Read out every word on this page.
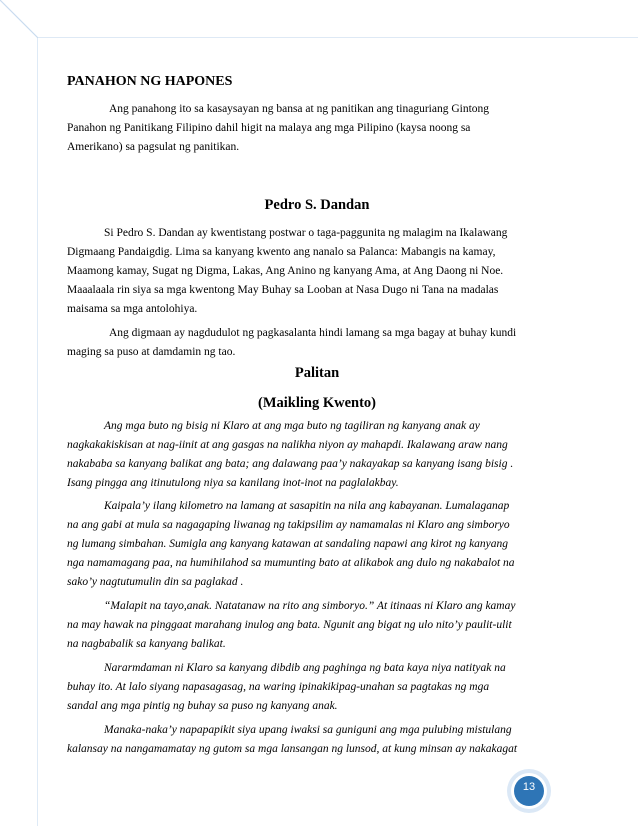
PANAHON NG HAPONES
Ang panahong ito sa kasaysayan ng bansa at ng panitikan ang tinaguriang Gintong
Panahon ng Panitikang Filipino dahil higit na malaya ang mga Pilipino (kaysa noong sa
Amerikano) sa pagsulat ng panitikan.
Pedro S. Dandan
Si Pedro S. Dandan ay kwentistang postwar o taga-paggunita ng malagim na Ikalawang
Digmaang Pandaigdig. Lima sa kanyang kwento ang nanalo sa Palanca: Mabangis na kamay,
Maamong kamay, Sugat ng Digma, Lakas, Ang Anino ng kanyang Ama, at Ang Daong ni Noe.
Maaalaala rin siya sa mga kwentong May Buhay sa Looban at Nasa Dugo ni Tana na madalas
maisama sa mga antolohiya.
Ang digmaan ay nagdudulot ng pagkasalanta hindi lamang sa mga bagay at buhay kundi
maging sa puso at damdamin ng tao.
Palitan
(Maikling Kwento)
Ang mga buto ng bisig ni Klaro at ang mga buto ng tagiliran ng kanyang anak ay
nagkakakiskisan at nag-iinit at ang gasgas na nalikha niyon ay mahapdi. Ikalawang araw nang
nakababa sa kanyang balikat ang bata; ang dalawang paa’y nakayakap sa kanyang isang bisig .
Isang pingga ang itinutulong niya sa kanilang inot-inot na paglalakbay.
Kaipala’y ilang kilometro na lamang at sasapitin na nila ang kabayanan. Lumalaganap
na ang gabi at mula sa nagagaping liwanag ng takipsilim ay namamalas ni Klaro ang simboryo
ng lumang simbahan. Sumigla ang kanyang katawan at sandaling napawi ang kirot ng kanyang
nga namamagang paa, na humihilahod sa mumunting bato at alikabok ang dulo ng nakabalot na
sako’y nagtutumulin din sa paglakad .
“Malapit na tayo,anak. Natatanaw na rito ang simboryo.” At itinaas ni Klaro ang kamay
na may hawak na pinggaat marahang inulog ang bata. Ngunit ang bigat ng ulo nito’y paulit-ulit
na nagbabalik sa kanyang balikat.
Nararmdaman ni Klaro sa kanyang dibdib ang paghinga ng bata kaya niya natityak na
buhay ito. At lalo siyang napasagasag, na waring ipinakikipag-unahan sa pagtakas ng mga
sandal ang mga pintig ng buhay sa puso ng kanyang anak.
Manaka-naka’y napapapikit siya upang iwaksi sa guniguni ang mga pulubing mistulang
kalansay na nangamamatay ng gutom sa mga lansangan ng lunsod, at kung minsan ay nakakagat
13
